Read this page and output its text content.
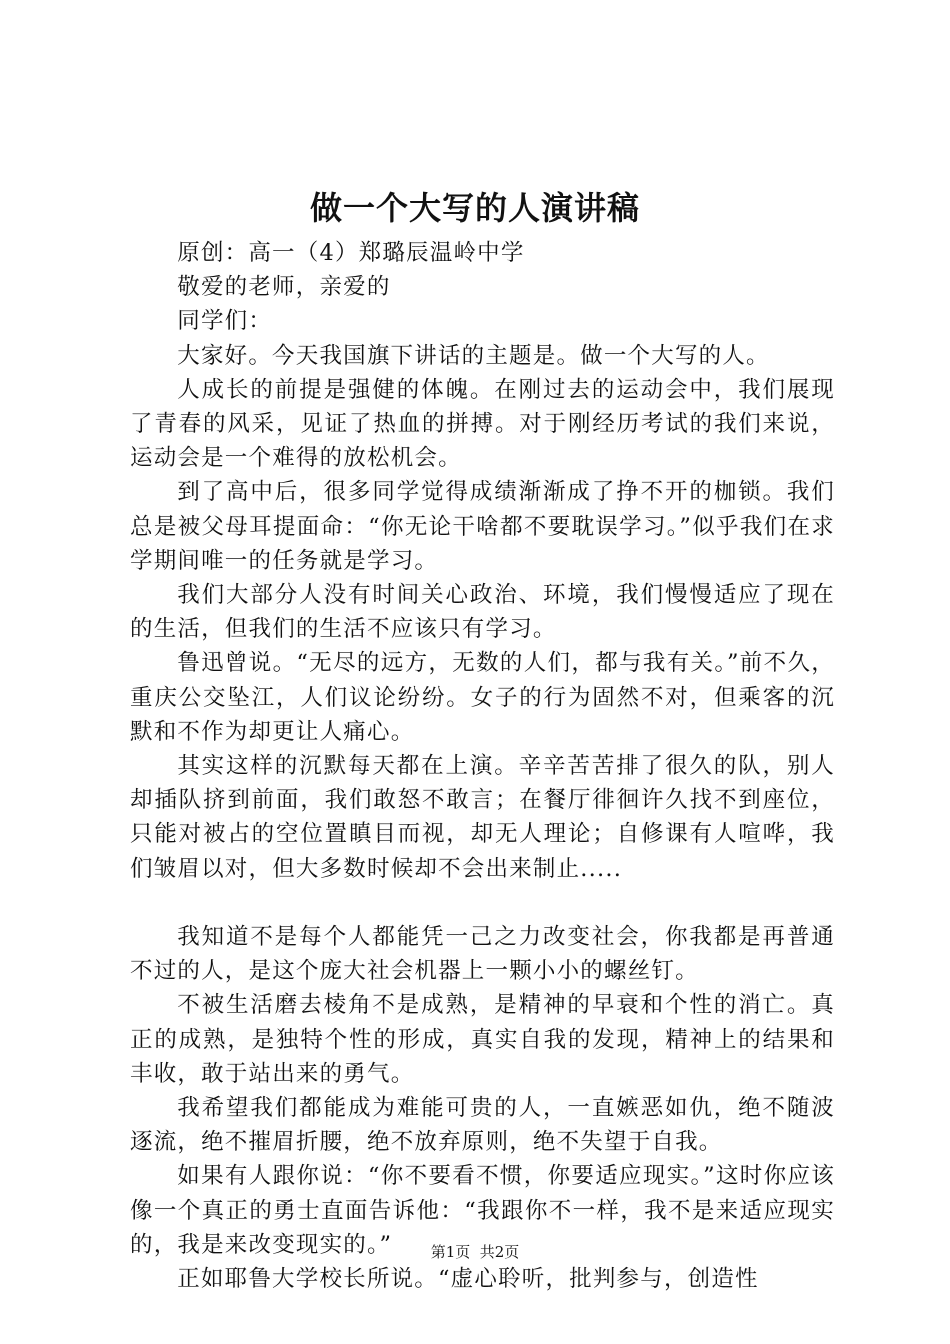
做一个大写的人演讲稿

原创：高一（4）郑璐辰温岭中学

敬爱的老师，亲爱的

同学们：

大家好。今天我国旗下讲话的主题是。做一个大写的人。

人成长的前提是强健的体魄。在刚过去的运动会中，我们展现了青春的风采，见证了热血的拼搏。对于刚经历考试的我们来说，运动会是一个难得的放松机会。

到了高中后，很多同学觉得成绩渐渐成了挣不开的枷锁。我们总是被父母耳提面命：“你无论干啥都不要耽误学习。”似乎我们在求学期间唯一的任务就是学习。

我们大部分人没有时间关心政治、环境，我们慢慢适应了现在的生活，但我们的生活不应该只有学习。

鲁迅曾说。“无尽的远方，无数的人们，都与我有关。”前不久，重庆公交坠江，人们议论纷纷。女子的行为固然不对，但乘客的沉默和不作为却更让人痛心。

其实这样的沉默每天都在上演。辛辛苦苦排了很久的队，别人却插队挤到前面，我们敢怒不敢言；在餐厅徘徊许久找不到座位，只能对被占的空位置瞋目而视，却无人理论；自修课有人喧哗，我们皱眉以对，但大多数时候却不会出来制止.....

我知道不是每个人都能凭一己之力改变社会，你我都是再普通不过的人，是这个庞大社会机器上一颗小小的螺丝钉。

不被生活磨去棱角不是成熟，是精神的早衰和个性的消亡。真正的成熟，是独特个性的形成，真实自我的发现，精神上的结果和丰收，敢于站出来的勇气。

我希望我们都能成为难能可贵的人，一直嫉恶如仇，绝不随波逐流，绝不摧眉折腰，绝不放弃原则，绝不失望于自我。

如果有人跟你说：“你不要看不惯，你要适应现实。”这时你应该像一个真正的勇士直面告诉他：“我跟你不一样，我不是来适应现实的，我是来改变现实的。”

正如耶鲁大学校长所说。“虚心聆听，批判参与，创造性

第1页  共2页
